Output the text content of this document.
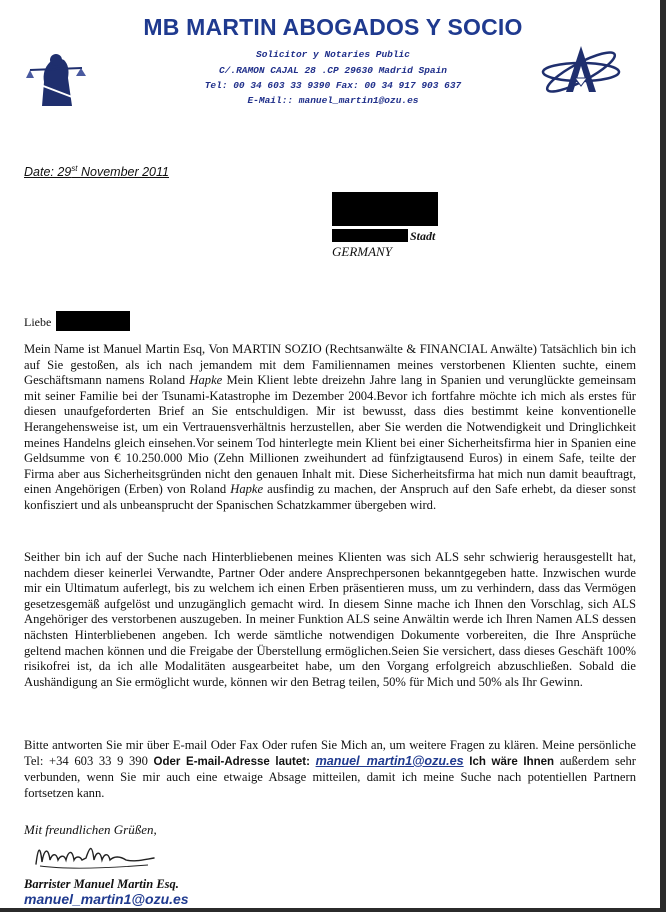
MB MARTIN ABOGADOS Y SOCIO
Solicitor y Notaries Public
C/.RAMON CAJAL 28 .CP 29630 Madrid Spain
Tel: 00 34 603 33 9390 Fax: 00 34 917 903 637
E-Mail:: manuel_martin1@ozu.es
Date: 29st November 2011
Stadt
GERMANY
Liebe

Mein Name ist Manuel Martin Esq, Von MARTIN SOZIO (Rechtsanwälte & FINANCIAL Anwälte) Tatsächlich bin ich auf Sie gestoßen, als ich nach jemandem mit dem Familiennamen meines verstorbenen Klienten suchte, einem Geschäftsmann namens Roland Hapke Mein Klient lebte dreizehn Jahre lang in Spanien und verunglückte gemeinsam mit seiner Familie bei der Tsunami-Katastrophe im Dezember 2004.Bevor ich fortfahre möchte ich mich als erstes für diesen unaufgeforderten Brief an Sie entschuldigen. Mir ist bewusst, dass dies bestimmt keine konventionelle Herangehensweise ist, um ein Vertrauensverhältnis herzustellen, aber Sie werden die Notwendigkeit und Dringlichkeit meines Handelns gleich einsehen.Vor seinem Tod hinterlegte mein Klient bei einer Sicherheitsfirma hier in Spanien eine Geldsumme von € 10.250.000 Mio (Zehn Millionen zweihundert ad fünfzigtausend Euros) in einem Safe, teilte der Firma aber aus Sicherheitsgründen nicht den genauen Inhalt mit. Diese Sicherheitsfirma hat mich nun damit beauftragt, einen Angehörigen (Erben) von Roland Hapke ausfindig zu machen, der Anspruch auf den Safe erhebt, da dieser sonst konfisziert und als unbeansprucht der Spanischen Schatzkammer übergeben wird.

Seither bin ich auf der Suche nach Hinterbliebenen meines Klienten was sich ALS sehr schwierig herausgestellt hat, nachdem dieser keinerlei Verwandte, Partner Oder andere Ansprechpersonen bekanntgegeben hatte. Inzwischen wurde mir ein Ultimatum auferlegt, bis zu welchem ich einen Erben präsentieren muss, um zu verhindern, dass das Vermögen gesetzesgemäß aufgelöst und unzugänglich gemacht wird. In diesem Sinne mache ich Ihnen den Vorschlag, sich ALS Angehöriger des verstorbenen auszugeben. In meiner Funktion ALS seine Anwältin werde ich Ihren Namen ALS dessen nächsten Hinterbliebenen angeben. Ich werde sämtliche notwendigen Dokumente vorbereiten, die Ihre Ansprüche geltend machen können und die Freigabe der Überstellung ermöglichen.Seien Sie versichert, dass dieses Geschäft 100% risikofrei ist, da ich alle Modalitäten ausgearbeitet habe, um den Vorgang erfolgreich abzuschließen. Sobald die Aushändigung an Sie ermöglicht wurde, können wir den Betrag teilen, 50% für Mich und 50% als Ihr Gewinn.

Bitte antworten Sie mir über E-mail Oder Fax Oder rufen Sie Mich an, um weitere Fragen zu klären. Meine persönliche Tel: +34 603 33 9 390 Oder E-mail-Adresse lautet: manuel_martin1@ozu.es Ich wäre Ihnen außerdem sehr verbunden, wenn Sie mir auch eine etwaige Absage mitteilen, damit ich meine Suche nach potentiellen Partnern fortsetzen kann.

Mit freundlichen Grüßen,
Barrister Manuel Martin Esq.
manuel_martin1@ozu.es
